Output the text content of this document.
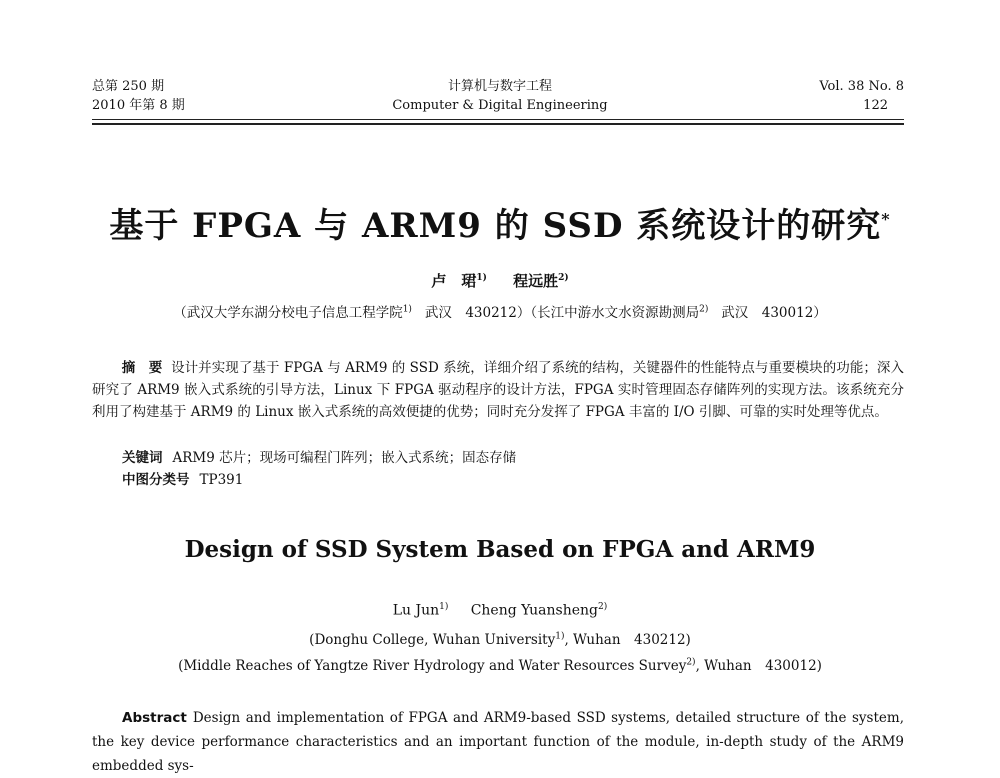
总第 250 期
2010 年第 8 期
计算机与数字工程
Computer & Digital Engineering
Vol. 38 No. 8
122
基于 FPGA 与 ARM9 的 SSD 系统设计的研究*
卢　珺$^{1)}$ 程远胜$^{2)}$
（武汉大学东湖分校电子信息工程学院$^{1)}$ 武汉　430212）（长江中游水文水资源勘测局$^{2)}$ 武汉　430012）
摘　要 设计并实现了基于 FPGA 与 ARM9 的 SSD 系统，详细介绍了系统的结构，关键器件的性能特点与重要模块的功能；深入研究了 ARM9 嵌入式系统的引导方法，Linux 下 FPGA 驱动程序的设计方法，FPGA 实时管理固态存储阵列的实现方法。该系统充分利用了构建基于 ARM9 的 Linux 嵌入式系统的高效便捷的优势；同时充分发挥了 FPGA 丰富的 I/O 引脚、可靠的实时处理等优点。
关键词 ARM9 芯片；现场可编程门阵列；嵌入式系统；固态存储
中图分类号 TP391
Design of SSD System Based on FPGA and ARM9
Lu Jun$^{1)}$ Cheng Yuansheng$^{2)}$
(Donghu College, Wuhan University$^{1)}$, Wuhan　430212)
(Middle Reaches of Yangtze River Hydrology and Water Resources Survey$^{2)}$, Wuhan　430012)
Abstract Design and implementation of FPGA and ARM9-based SSD systems, detailed structure of the system, the key device performance characteristics and an important function of the module, in-depth study of the ARM9 embedded sys-
